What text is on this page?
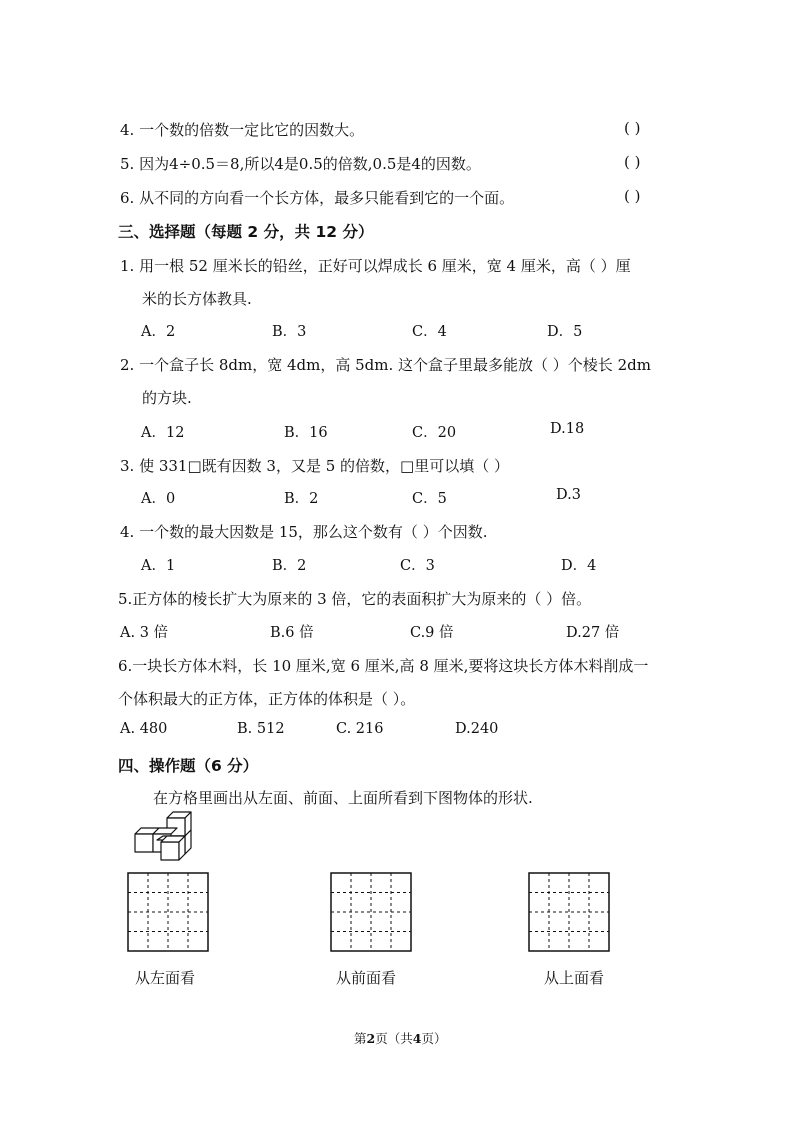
4. 一个数的倍数一定比它的因数大。	( )
5. 因为4÷0.5＝8,所以4是0.5的倍数,0.5是4的因数。	( )
6. 从不同的方向看一个长方体，最多只能看到它的一个面。	( )
三、选择题（每题 2 分，共 12 分）
1. 用一根 52 厘米长的铅丝，正好可以焊成长 6 厘米，宽 4 厘米，高（ ）厘
米的长方体教具.
A．2	B．3	C．4	D．5
2. 一个盒子长 8dm，宽 4dm，高 5dm. 这个盒子里最多能放（ ）个棱长 2dm
的方块.
A．12	B．16	C．20	D.18
3. 使 331□既有因数 3，又是 5 的倍数，□里可以填（ ）
A．0	B．2	C．5	D.3
4. 一个数的最大因数是 15，那么这个数有（ ）个因数.
A．1	B．2	C．3	D．4
5.正方体的棱长扩大为原来的 3 倍，它的表面积扩大为原来的（ ）倍。
A. 3 倍	B.6 倍	C.9 倍	D.27 倍
6.一块长方体木料，长 10 厘米,宽 6 厘米,高 8 厘米,要将这块长方体木料削成一
个体积最大的正方体，正方体的体积是（ ）。
A. 480	B. 512	C. 216	D.240
四、操作题（6 分）
在方格里画出从左面、前面、上面所看到下图物体的形状.
从左面看	从前面看	从上面看
第2页（共4页）
